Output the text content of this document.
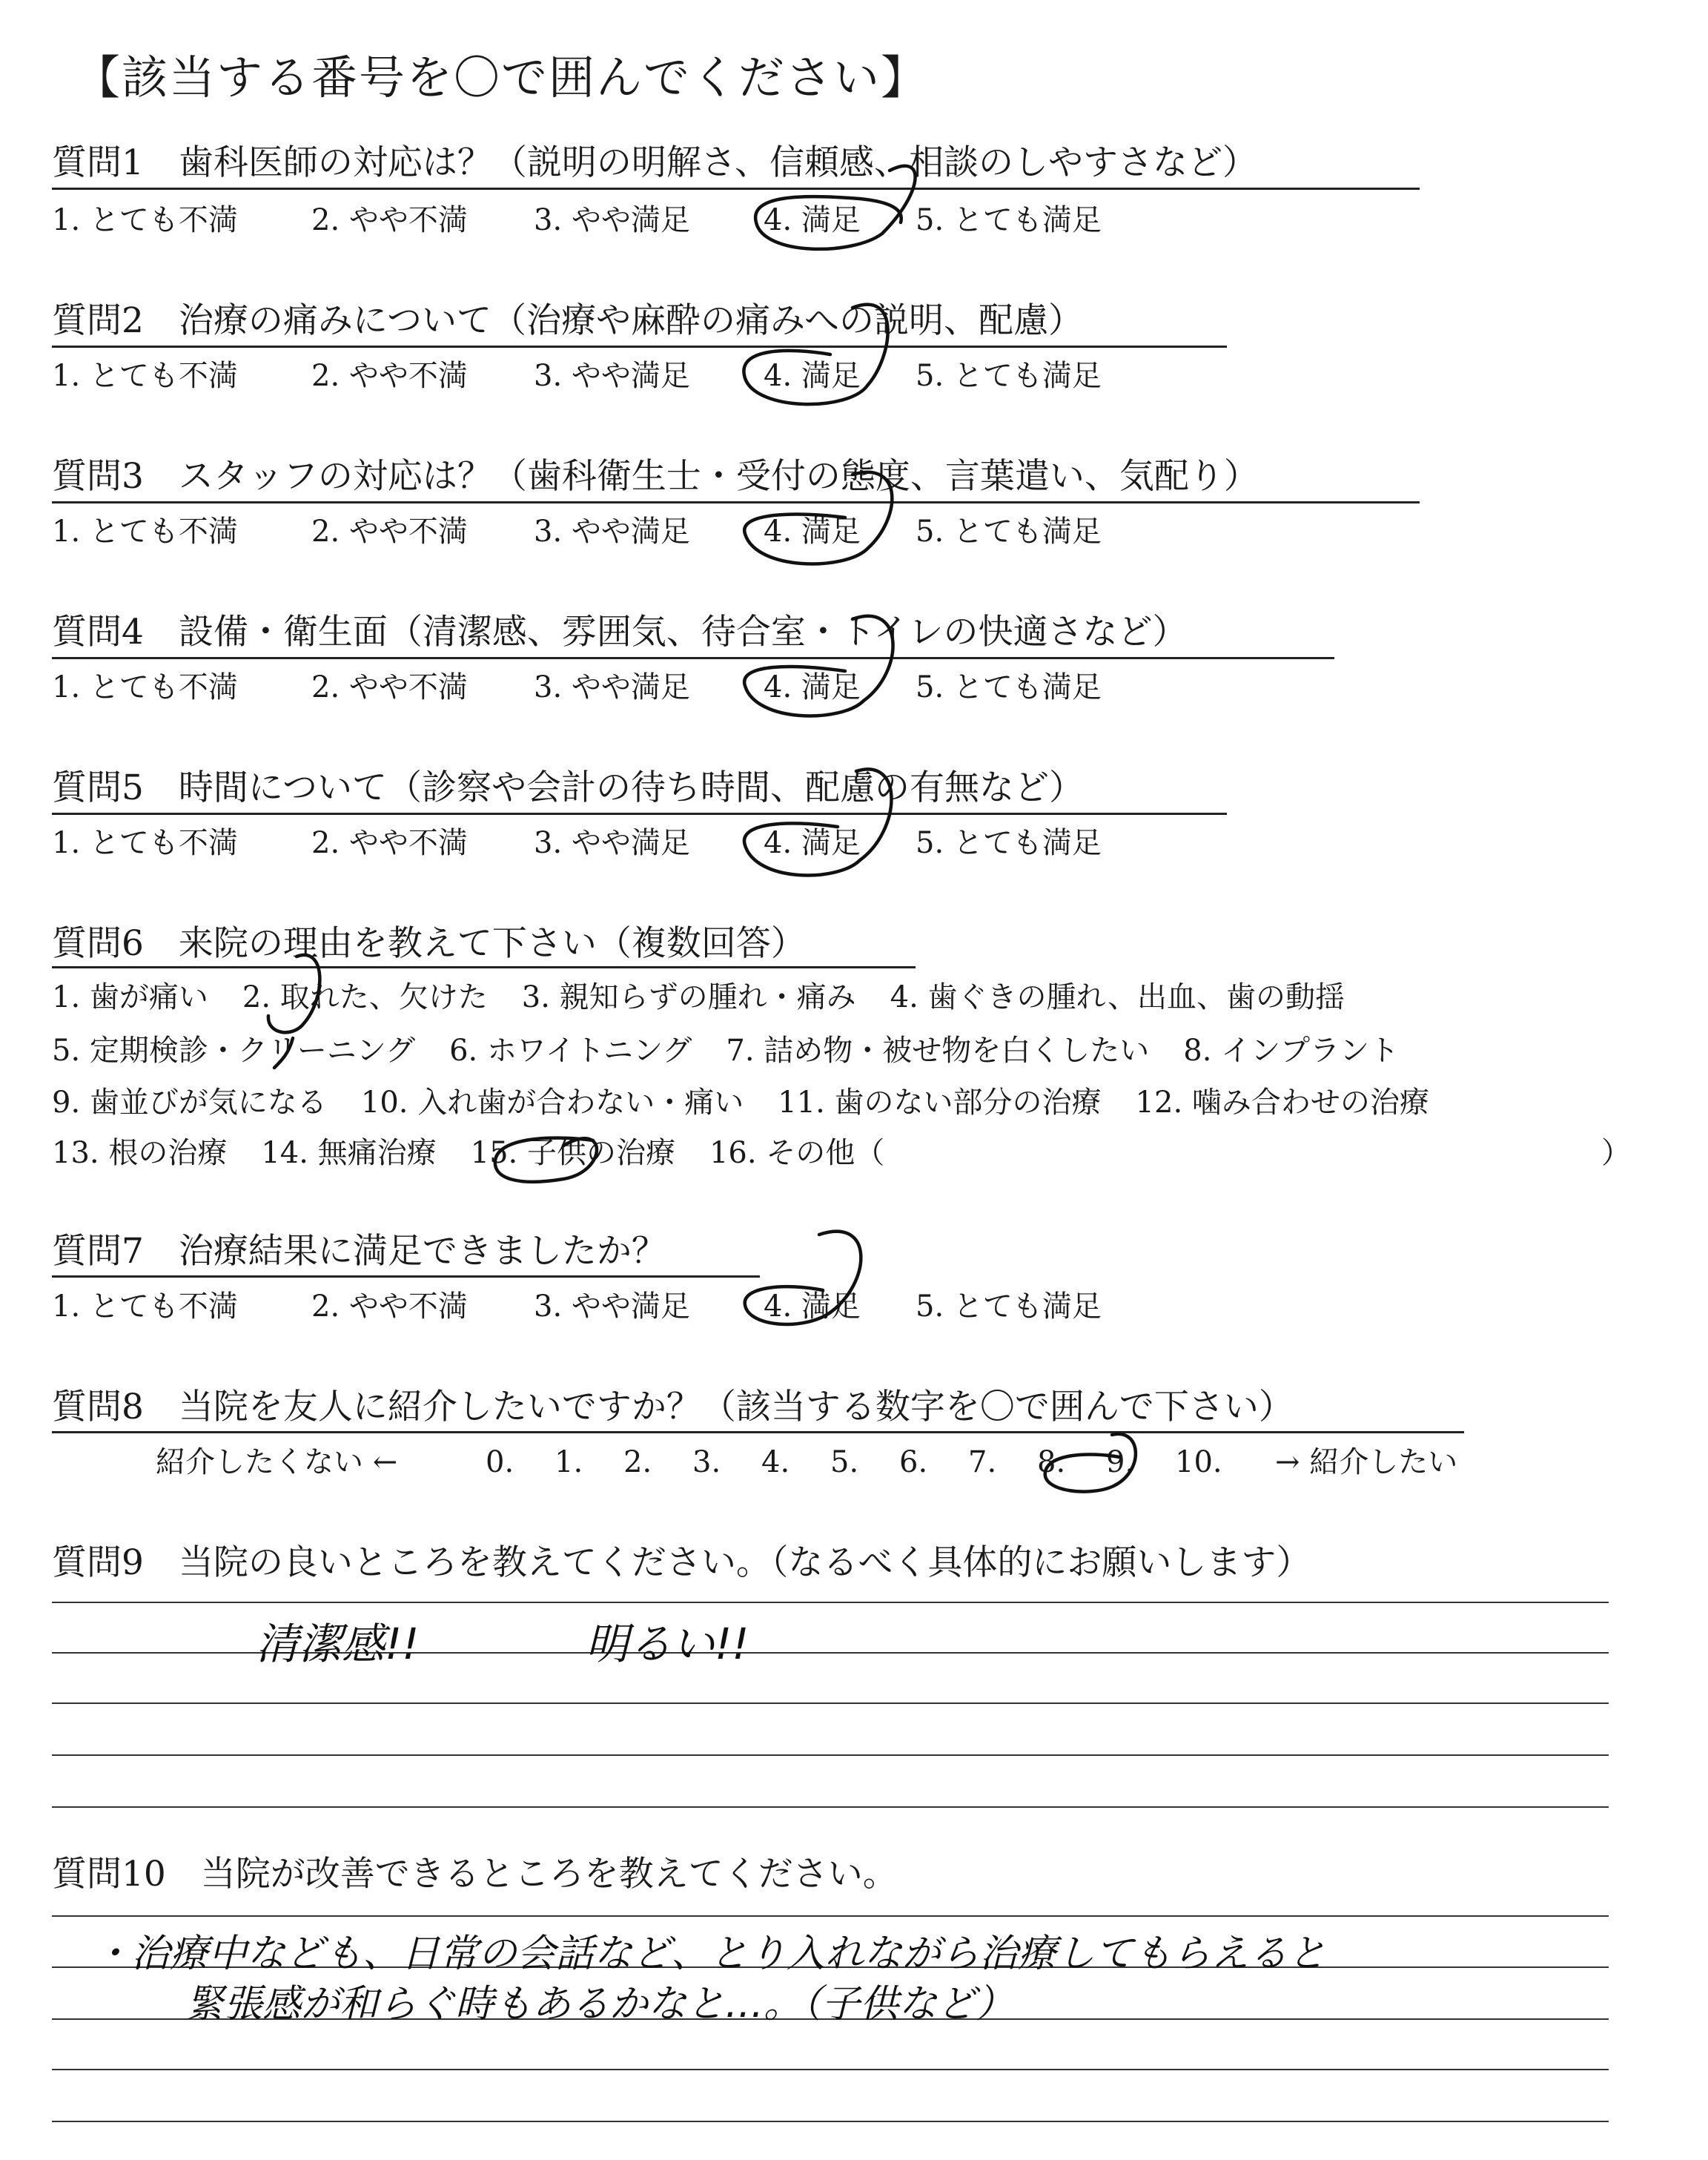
【該当する番号を〇で囲んでください】
質問1　歯科医師の対応は？（説明の明解さ、信頼感、相談のしやすさなど）
1. とても不満 2. やや不満 3. やや満足 4. 満足 5. とても満足
質問2　治療の痛みについて（治療や麻酔の痛みへの説明、配慮）
1. とても不満 2. やや不満 3. やや満足 4. 満足 5. とても満足
質問3　スタッフの対応は？（歯科衛生士・受付の態度、言葉遣い、気配り）
1. とても不満 2. やや不満 3. やや満足 4. 満足 5. とても満足
質問4　設備・衛生面（清潔感、雰囲気、待合室・トイレの快適さなど）
1. とても不満 2. やや不満 3. やや満足 4. 満足 5. とても満足
質問5　時間について（診察や会計の待ち時間、配慮の有無など）
1. とても不満 2. やや不満 3. やや満足 4. 満足 5. とても満足
質問6　来院の理由を教えて下さい（複数回答）
1. 歯が痛い 2. 取れた、欠けた 3. 親知らずの腫れ・痛み 4. 歯ぐきの腫れ、出血、歯の動揺
5. 定期検診・クリーニング 6. ホワイトニング 7. 詰め物・被せ物を白くしたい 8. インプラント
9. 歯並びが気になる 10. 入れ歯が合わない・痛い 11. 歯のない部分の治療 12. 噛み合わせの治療
13. 根の治療 14. 無痛治療 15. 子供の治療 16. その他（	）
質問7　治療結果に満足できましたか？
1. とても不満 2. やや不満 3. やや満足 4. 満足 5. とても満足
質問8　当院を友人に紹介したいですか？（該当する数字を〇で囲んで下さい）
紹介したくない ←	0. 1. 2. 3. 4. 5. 6. 7. 8. 9. 10. → 紹介したい
質問9　当院の良いところを教えてください。（なるべく具体的にお願いします）
清潔感!!	明るい!!
質問10　当院が改善できるところを教えてください。
・治療中なども、日常の会話など、とり入れながら治療してもらえると
緊張感が和らぐ時もあるかなと…。（子供など）
